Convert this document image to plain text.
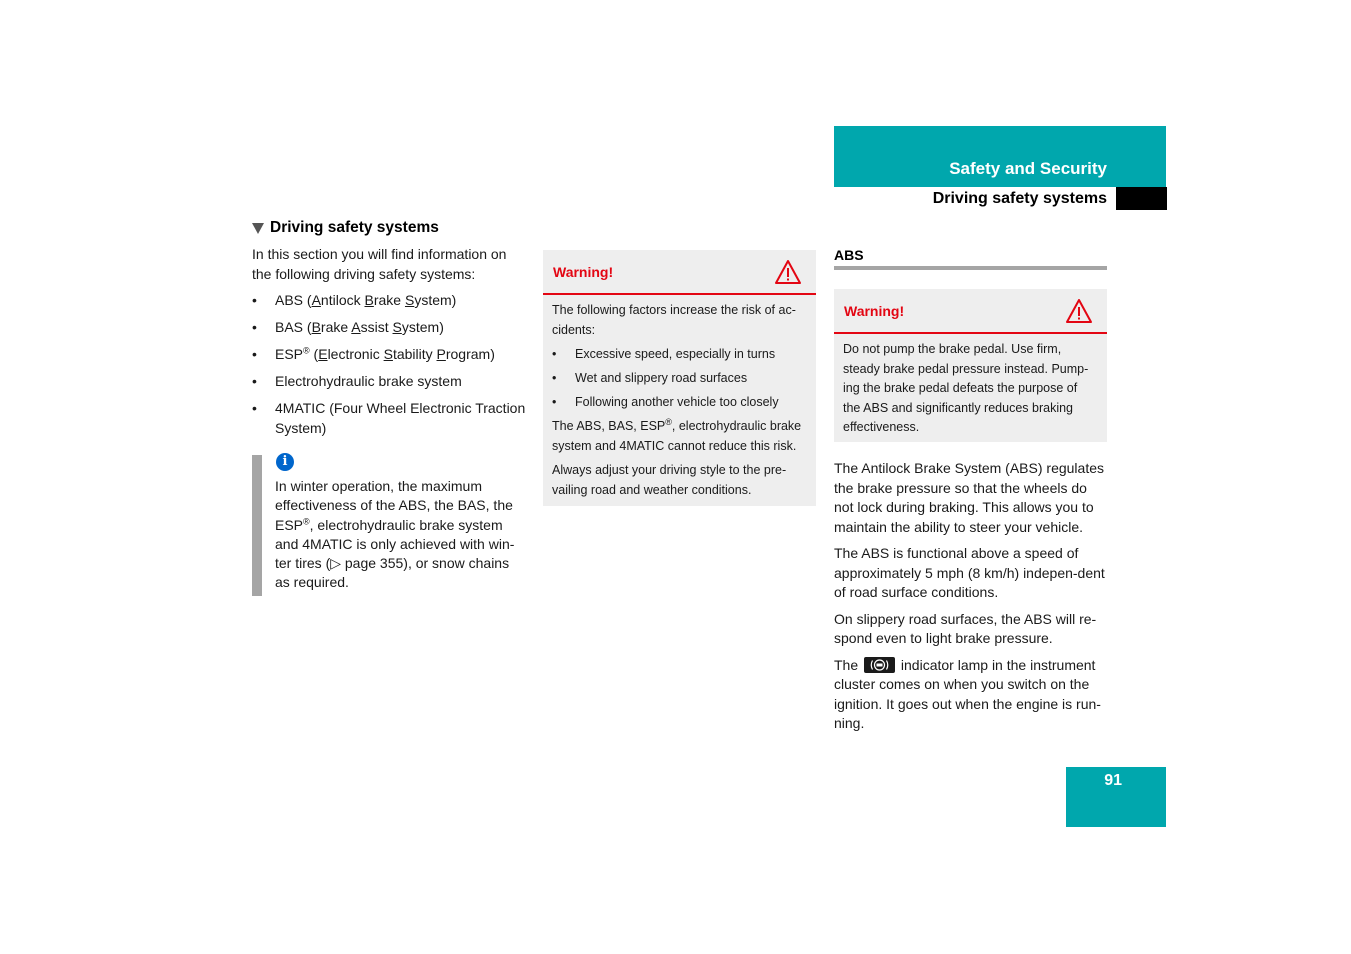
Safety and Security
Driving safety systems
Driving safety systems
In this section you will find information on the following driving safety systems:
• ABS (Antilock Brake System)
• BAS (Brake Assist System)
• ESP® (Electronic Stability Program)
• Electrohydraulic brake system
• 4MATIC (Four Wheel Electronic Traction System)
i
In winter operation, the maximum effectiveness of the ABS, the BAS, the ESP®, electrohydraulic brake system and 4MATIC is only achieved with win-ter tires (▷ page 355), or snow chains as required.
Warning!

The following factors increase the risk of ac-cidents:

• Excessive speed, especially in turns
• Wet and slippery road surfaces
• Following another vehicle too closely

The ABS, BAS, ESP®, electrohydraulic brake system and 4MATIC cannot reduce this risk.

Always adjust your driving style to the pre-vailing road and weather conditions.

ABS
Warning!

Do not pump the brake pedal. Use firm, steady brake pedal pressure instead. Pump-ing the brake pedal defeats the purpose of the ABS and significantly reduces braking effectiveness.

The Antilock Brake System (ABS) regulates the brake pressure so that the wheels do not lock during braking. This allows you to maintain the ability to steer your vehicle.

The ABS is functional above a speed of approximately 5 mph (8 km/h) indepen-dent of road surface conditions.

On slippery road surfaces, the ABS will re-spond even to light brake pressure.

The	indicator lamp in the instrument cluster comes on when you switch on the ignition. It goes out when the engine is run-ning.

91
